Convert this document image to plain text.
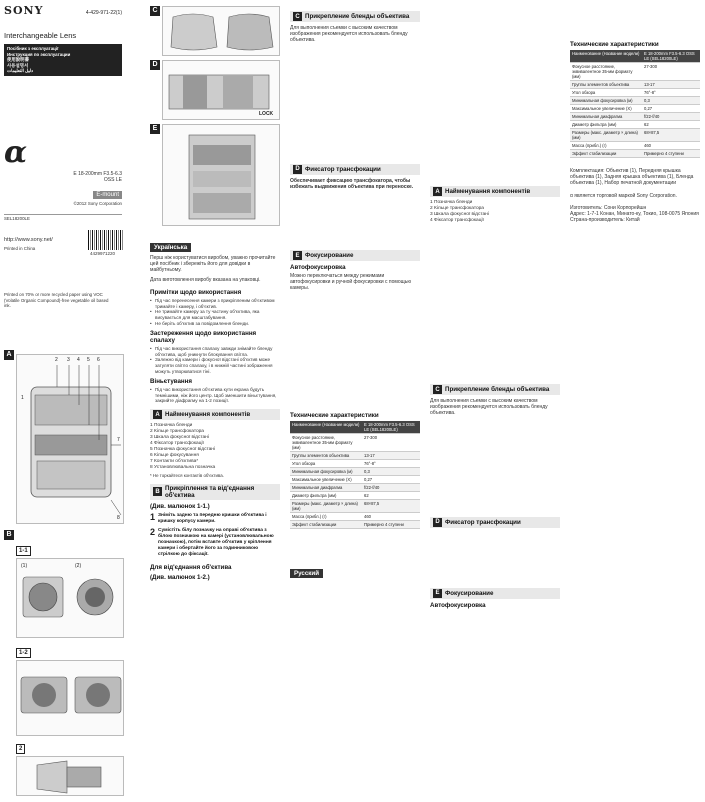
SONY	4-429-971-22(1)
Interchangeable Lens
Посібник з експлуатації
Инструкция по эксплуатации
使用說明書
사용설명서
دليل التعليمات
α
E 18-200mm F3.5-6.3 OSS LE
E-mount
©2012 Sony Corporation
SEL18200LE
http://www.sony.net/
Printed in China
4429971220
Printed on 70% or more recycled paper using VOC (Volatile Organic Compound)-free vegetable oil based ink.
A
1
2 3 4 5 6
7
8
B
1-1
(1)	(2)
1-2
2
C
D
LOCK
E
Українська
Перш ніж користуватися виробом, уважно прочитайте цей посібник і збережіть його для довідки в майбутньому.
Дата виготовлення виробу вказана на упаковці.
Примітки щодо використання
• Під час перенесення камери з прикріпленим об'єктивом тримайте і камеру, і об'єктив.
• Не тримайте камеру за ту частину об'єктива, яка висувається для масштабування.
• Не беріть об'єктив за повідомлення бленди.
Застереження щодо використання спалаху
• Під час використання спалаху завжди знімайте бленду об'єктива, щоб уникнути блокування світла.
• Залежно від камери і фокусної відстані об'єктив може затуляти світло спалаху, і в нижній частині зображення можуть утворюватися тіні.
Віньєтування
• Під час використання об'єктива кути екрана будуть темнішими, ніж його центр. Щоб зменшити віньєтування, закрийте діафрагму на 1-2 позиції.
A Найменування компонентів
1 Позначка бленди
2 Кільце трансфокатора
3 Шкала фокусної відстані
4 Фіксатор трансфокації
5 Позначка фокусної відстані
6 Кільце фокусування
7 Контакти об'єктива*
8 Установлювальна позначка
* Не торкайтеся контактів об'єктива.
B Прикріплення та від'єднання об'єктива
(Див. малюнок 1-1.)
1 Зніміть задню та передню кришки об'єктива і кришку корпусу камери.
2 Сумістіть білу позначку на оправі об'єктива з білою позначкою на камері (установлювальною позначкою), потім вставте об'єктив у кріплення камери і обертайте його за годинниковою стрілкою до фіксації.
Для від'єднання об'єктива
(Див. малюнок 1-2.)
C Прикрепление бленды объектива
Для выполнения съемки с высоким качеством изображения рекомендуется использовать бленду объектива.
D Фиксатор трансфокации
Обеспечивает фиксацию трансфокатора, чтобы избежать выдвижения объектива при переноске.
E Фокусирование
Автофокусировка
Можно переключаться между режимами автофокусировки и ручной фокусировки с помощью камеры.
Технические характеристики
Наименование (Название модели)	E 18-200mm F3.5-6.3 OSS LE (SEL18200LE)
Фокусное расстояние, эквивалентное 35-мм формату (мм)	27-300
Группы элементов объектива	13-17
Угол обзора	76°-8°
Минимальная фокусировка (м)	0,3
Максимальное увеличение (X)	0,27
Минимальная диафрагма	f/22-f/40
Диаметр фильтра (мм)	62
Размеры (макс. диаметр × длина) (мм)	68×87,5
Масса (прибл.) (г)	460
Эффект стабилизации	Примерно 4 ступени
Русский
A Найменування компонентів
1 Позначка бленди
2 Кільце трансфокатора
3 Шкала фокусної відстані
4 Фіксатор трансфокації
C Прикрепление бленды объектива
Для выполнения съемки с высоким качеством изображения рекомендуется использовать бленду объектива.
D Фиксатор трансфокации
E Фокусирование
Автофокусировка
Технические характеристики
Наименование (Название модели)	E 18-200mm F3.5-6.3 OSS LE (SEL18200LE)
Фокусное расстояние, эквивалентное 35-мм формату (мм)	27-300
Группы элементов объектива	13-17
Угол обзора	76°-8°
Минимальная фокусировка (м)	0,3
Максимальное увеличение (X)	0,27
Минимальная диафрагма	f/22-f/40
Диаметр фильтра (мм)	62
Размеры (макс. диаметр × длина) (мм)	68×87,5
Масса (прибл.) (г)	460
Эффект стабилизации	Примерно 4 ступени
Комплектация: Объектив (1), Передняя крышка объектива (1), Задняя крышка объектива (1), Бленда объектива (1), Набор печатной документации
α является торговой маркой Sony Corporation.
Изготовитель: Сони Корпорейшн
Адрес: 1-7-1 Конан, Минато-ку, Токио, 108-0075 Япония
Страна-производитель: Китай
